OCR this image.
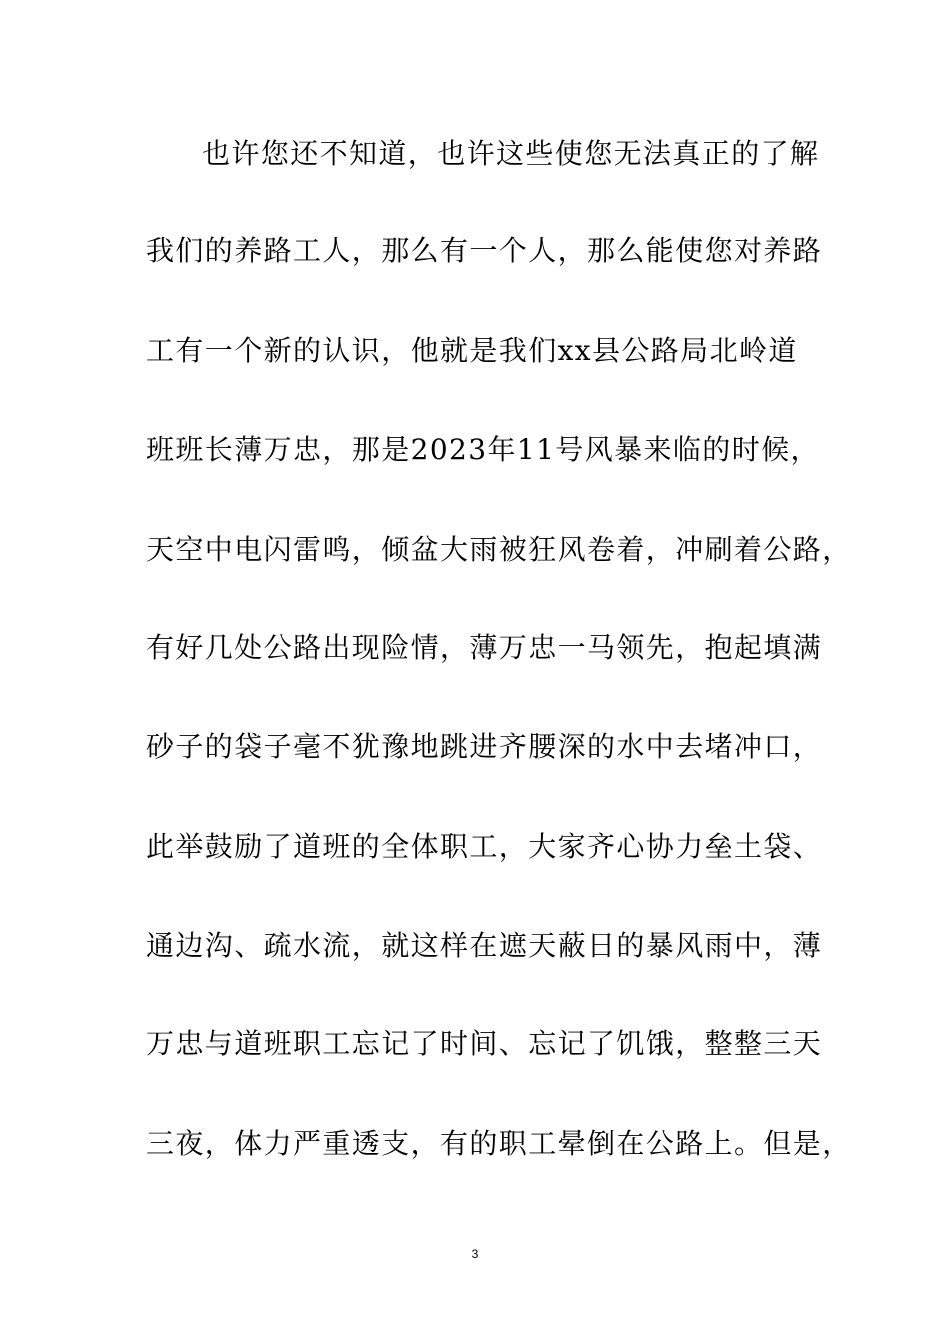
也许您还不知道，也许这些使您无法真正的了解
我们的养路工人，那么有一个人，那么能使您对养路
工有一个新的认识，他就是我们xx县公路局北岭道
班班长薄万忠，那是2023年11号风暴来临的时候，
天空中电闪雷鸣，倾盆大雨被狂风卷着，冲刷着公路，
有好几处公路出现险情，薄万忠一马领先，抱起填满
砂子的袋子毫不犹豫地跳进齐腰深的水中去堵冲口，
此举鼓励了道班的全体职工，大家齐心协力垒土袋、
通边沟、疏水流，就这样在遮天蔽日的暴风雨中，薄
万忠与道班职工忘记了时间、忘记了饥饿，整整三天
三夜，体力严重透支，有的职工晕倒在公路上。但是，
3
